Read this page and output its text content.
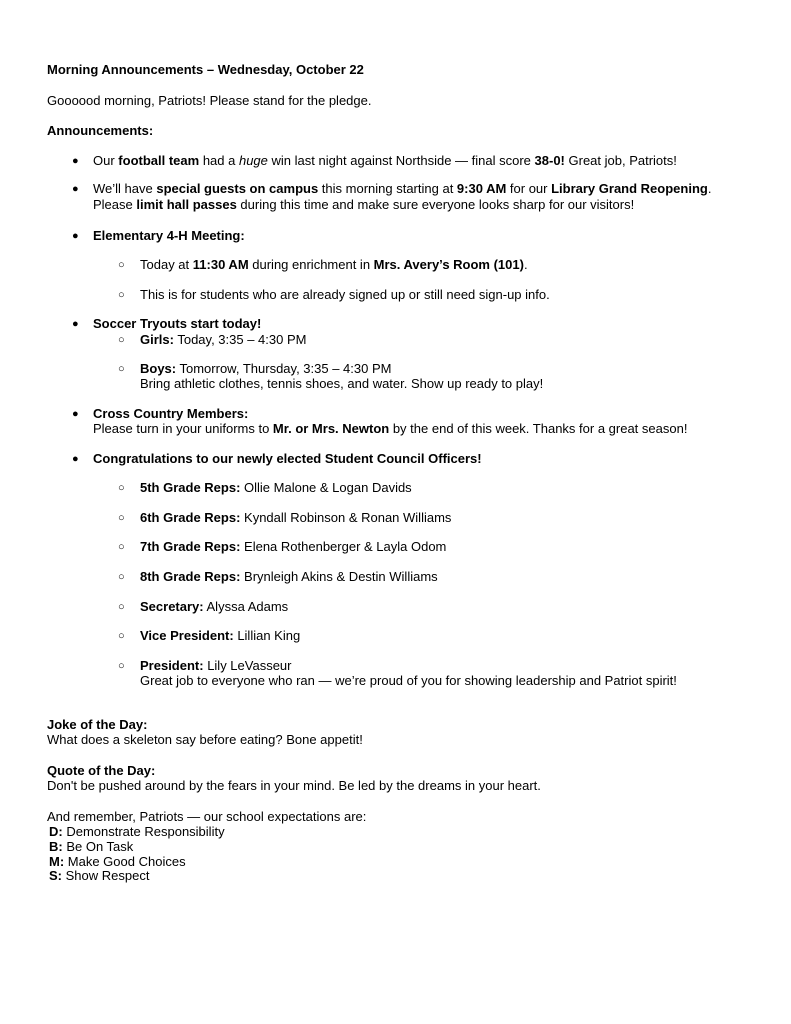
Morning Announcements – Wednesday, October 22
Goooood morning, Patriots! Please stand for the pledge.
Announcements:
● Our football team had a huge win last night against Northside — final score 38-0! Great job, Patriots!
● We’ll have special guests on campus this morning starting at 9:30 AM for our Library Grand Reopening.
Please limit hall passes during this time and make sure everyone looks sharp for our visitors!
● Elementary 4-H Meeting:
○ Today at 11:30 AM during enrichment in Mrs. Avery’s Room (101).
○ This is for students who are already signed up or still need sign-up info.
● Soccer Tryouts start today!
○ Girls: Today, 3:35 – 4:30 PM
○ Boys: Tomorrow, Thursday, 3:35 – 4:30 PM
Bring athletic clothes, tennis shoes, and water. Show up ready to play!
● Cross Country Members:
Please turn in your uniforms to Mr. or Mrs. Newton by the end of this week. Thanks for a great season!
● Congratulations to our newly elected Student Council Officers!
○ 5th Grade Reps: Ollie Malone & Logan Davids
○ 6th Grade Reps: Kyndall Robinson & Ronan Williams
○ 7th Grade Reps: Elena Rothenberger & Layla Odom
○ 8th Grade Reps: Brynleigh Akins & Destin Williams
○ Secretary: Alyssa Adams
○ Vice President: Lillian King
○ President: Lily LeVasseur
Great job to everyone who ran — we’re proud of you for showing leadership and Patriot spirit!
Joke of the Day:
What does a skeleton say before eating? Bone appetit!
Quote of the Day:
Don't be pushed around by the fears in your mind. Be led by the dreams in your heart.
And remember, Patriots — our school expectations are:
D: Demonstrate Responsibility
B: Be On Task
M: Make Good Choices
S: Show Respect
